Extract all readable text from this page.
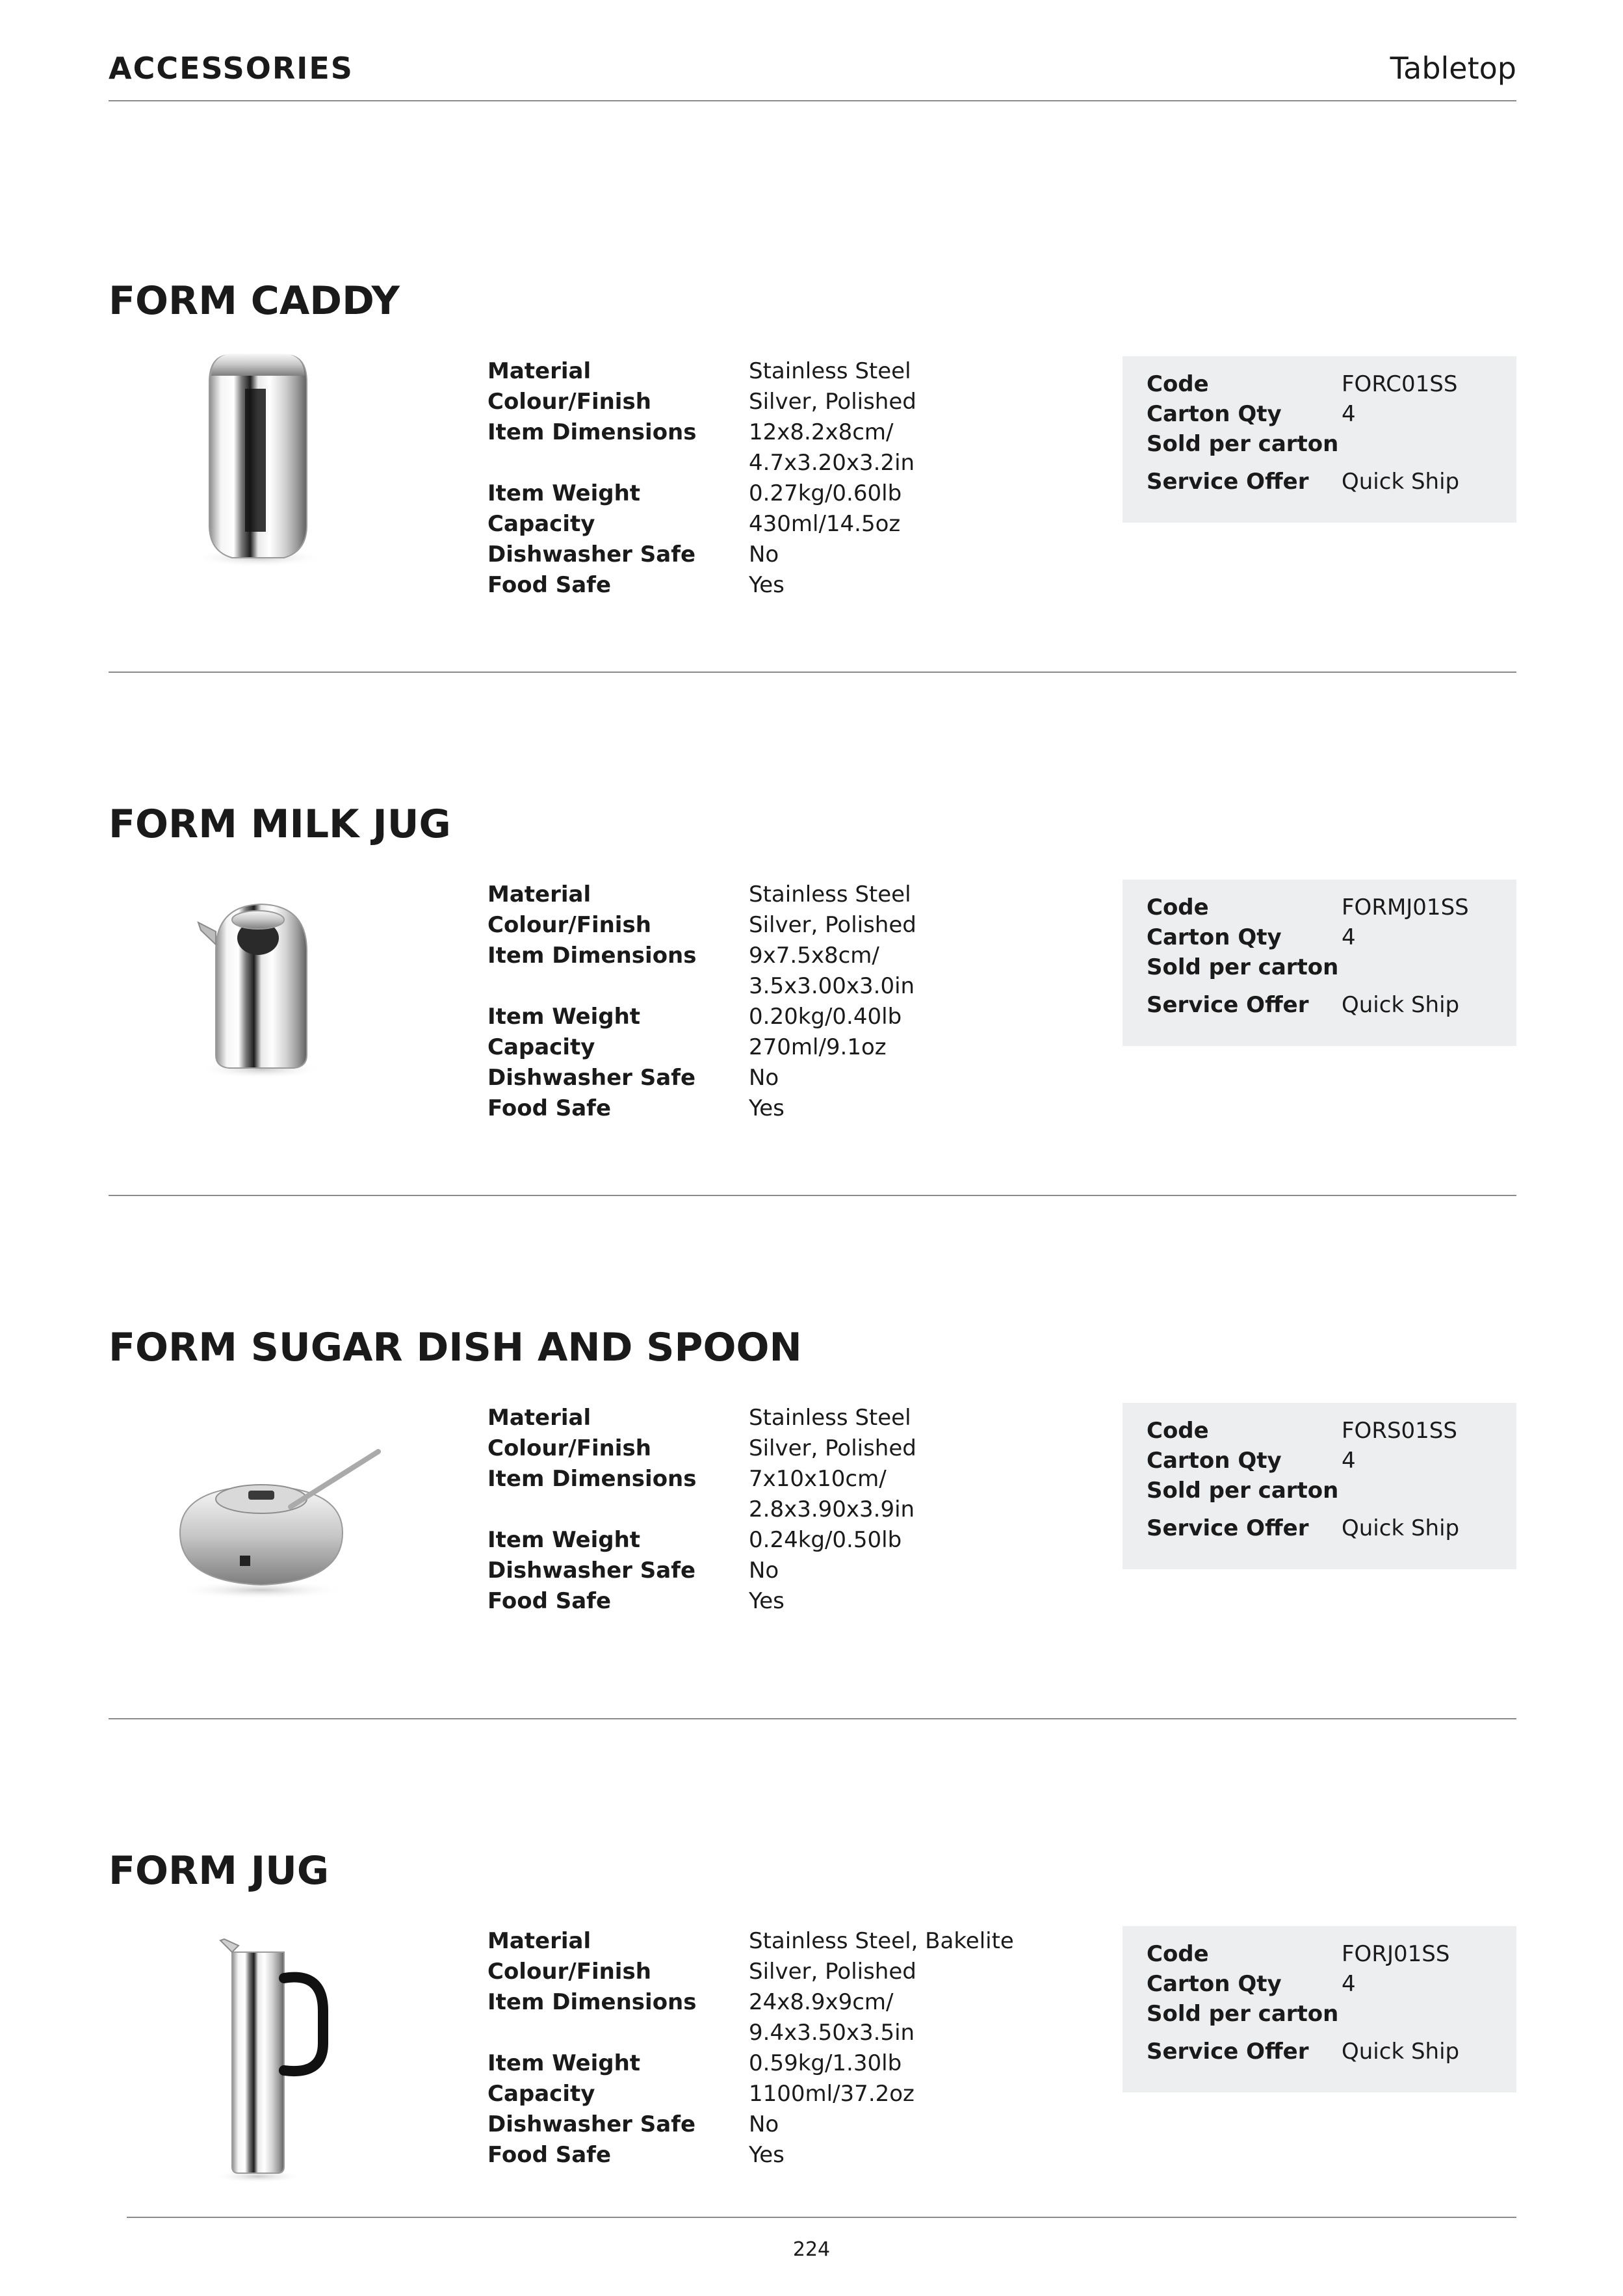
ACCESSORIES	Tabletop
FORM CADDY
Material	Stainless Steel
Colour/Finish	Silver, Polished
Item Dimensions	12x8.2x8cm/
4.7x3.20x3.2in
Item Weight	0.27kg/0.60lb
Capacity	430ml/14.5oz
Dishwasher Safe	No
Food Safe	Yes
Code	FORC01SS
Carton Qty	4
Sold per carton
Service Offer	Quick Ship
FORM MILK JUG
Material	Stainless Steel
Colour/Finish	Silver, Polished
Item Dimensions	9x7.5x8cm/
3.5x3.00x3.0in
Item Weight	0.20kg/0.40lb
Capacity	270ml/9.1oz
Dishwasher Safe	No
Food Safe	Yes
Code	FORMJ01SS
Carton Qty	4
Sold per carton
Service Offer	Quick Ship
FORM SUGAR DISH AND SPOON
Material	Stainless Steel
Colour/Finish	Silver, Polished
Item Dimensions	7x10x10cm/
2.8x3.90x3.9in
Item Weight	0.24kg/0.50lb
Dishwasher Safe	No
Food Safe	Yes
Code	FORS01SS
Carton Qty	4
Sold per carton
Service Offer	Quick Ship
FORM JUG
Material	Stainless Steel, Bakelite
Colour/Finish	Silver, Polished
Item Dimensions	24x8.9x9cm/
9.4x3.50x3.5in
Item Weight	0.59kg/1.30lb
Capacity	1100ml/37.2oz
Dishwasher Safe	No
Food Safe	Yes
Code	FORJ01SS
Carton Qty	4
Sold per carton
Service Offer	Quick Ship
224
